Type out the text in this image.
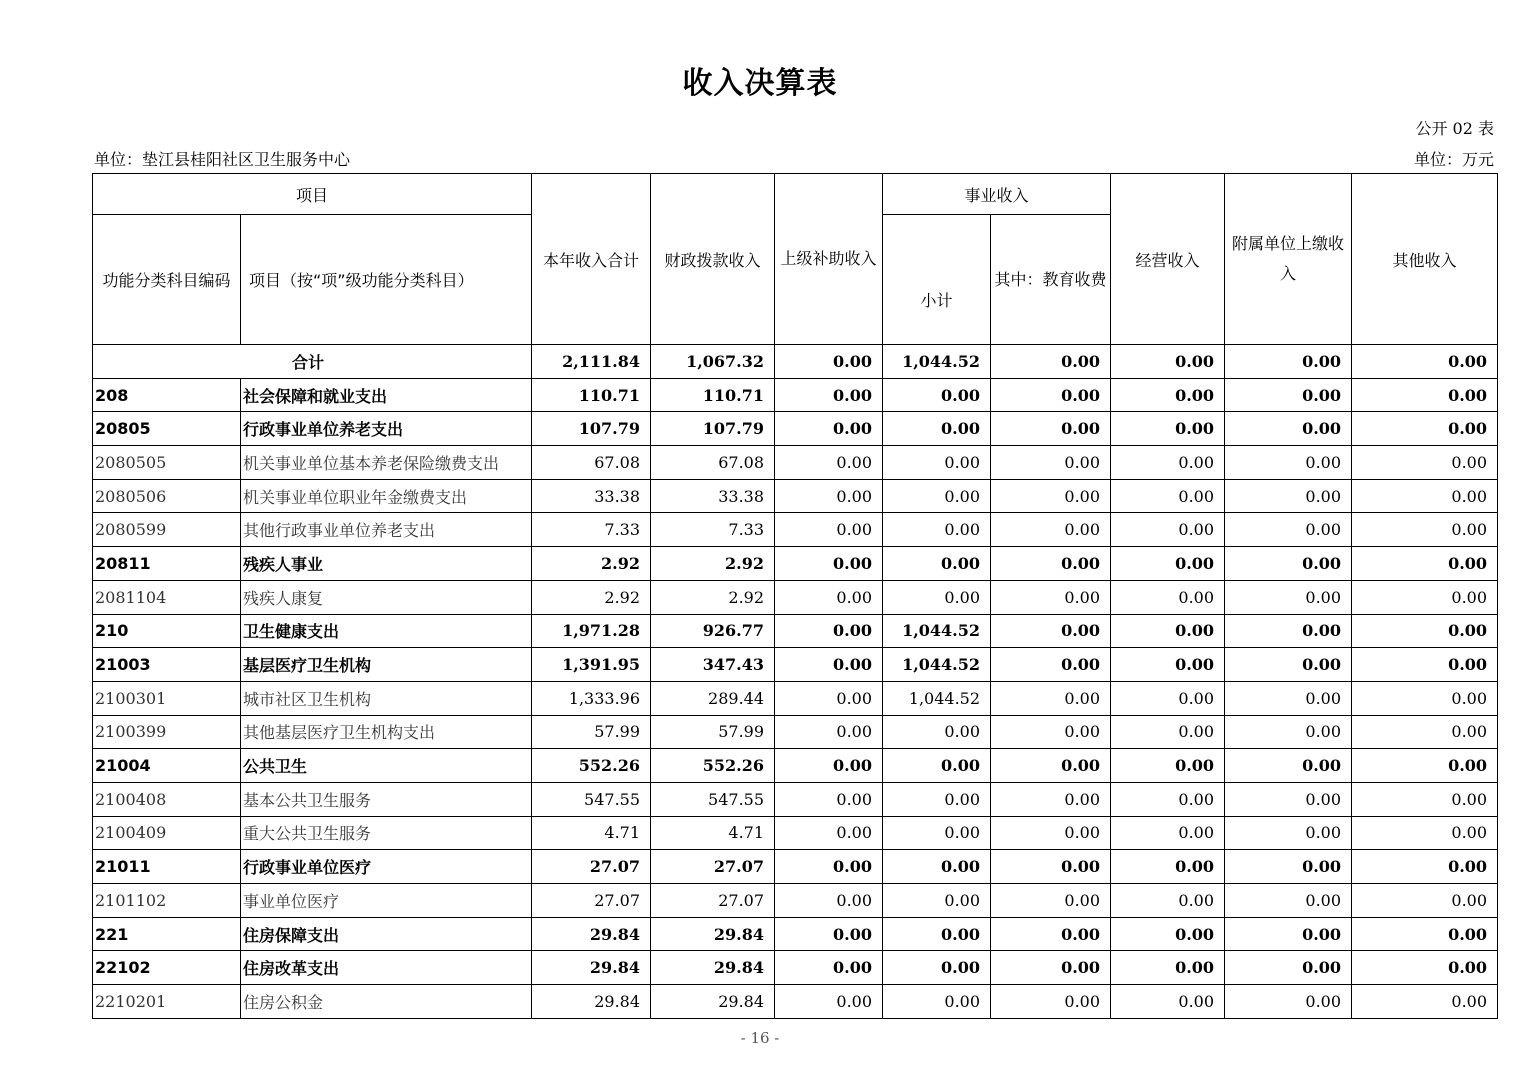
收入决算表
公开 02 表
单位：垫江县桂阳社区卫生服务中心	单位：万元
项目		本年收入合计	财政拨款收入	上级补助收入	事业收入		经营收入	附属单位上缴收入	其他收入
功能分类科目编码	项目（按“项”级功能分类科目）				小计	其中：教育收费			
合计		2,111.84	1,067.32	0.00	1,044.52	0.00	0.00	0.00	0.00
208	社会保障和就业支出	110.71	110.71	0.00	0.00	0.00	0.00	0.00	0.00
20805	行政事业单位养老支出	107.79	107.79	0.00	0.00	0.00	0.00	0.00	0.00
2080505	机关事业单位基本养老保险缴费支出	67.08	67.08	0.00	0.00	0.00	0.00	0.00	0.00
2080506	机关事业单位职业年金缴费支出	33.38	33.38	0.00	0.00	0.00	0.00	0.00	0.00
2080599	其他行政事业单位养老支出	7.33	7.33	0.00	0.00	0.00	0.00	0.00	0.00
20811	残疾人事业	2.92	2.92	0.00	0.00	0.00	0.00	0.00	0.00
2081104	残疾人康复	2.92	2.92	0.00	0.00	0.00	0.00	0.00	0.00
210	卫生健康支出	1,971.28	926.77	0.00	1,044.52	0.00	0.00	0.00	0.00
21003	基层医疗卫生机构	1,391.95	347.43	0.00	1,044.52	0.00	0.00	0.00	0.00
2100301	城市社区卫生机构	1,333.96	289.44	0.00	1,044.52	0.00	0.00	0.00	0.00
2100399	其他基层医疗卫生机构支出	57.99	57.99	0.00	0.00	0.00	0.00	0.00	0.00
21004	公共卫生	552.26	552.26	0.00	0.00	0.00	0.00	0.00	0.00
2100408	基本公共卫生服务	547.55	547.55	0.00	0.00	0.00	0.00	0.00	0.00
2100409	重大公共卫生服务	4.71	4.71	0.00	0.00	0.00	0.00	0.00	0.00
21011	行政事业单位医疗	27.07	27.07	0.00	0.00	0.00	0.00	0.00	0.00
2101102	事业单位医疗	27.07	27.07	0.00	0.00	0.00	0.00	0.00	0.00
221	住房保障支出	29.84	29.84	0.00	0.00	0.00	0.00	0.00	0.00
22102	住房改革支出	29.84	29.84	0.00	0.00	0.00	0.00	0.00	0.00
2210201	住房公积金	29.84	29.84	0.00	0.00	0.00	0.00	0.00	0.00
- 16 -
